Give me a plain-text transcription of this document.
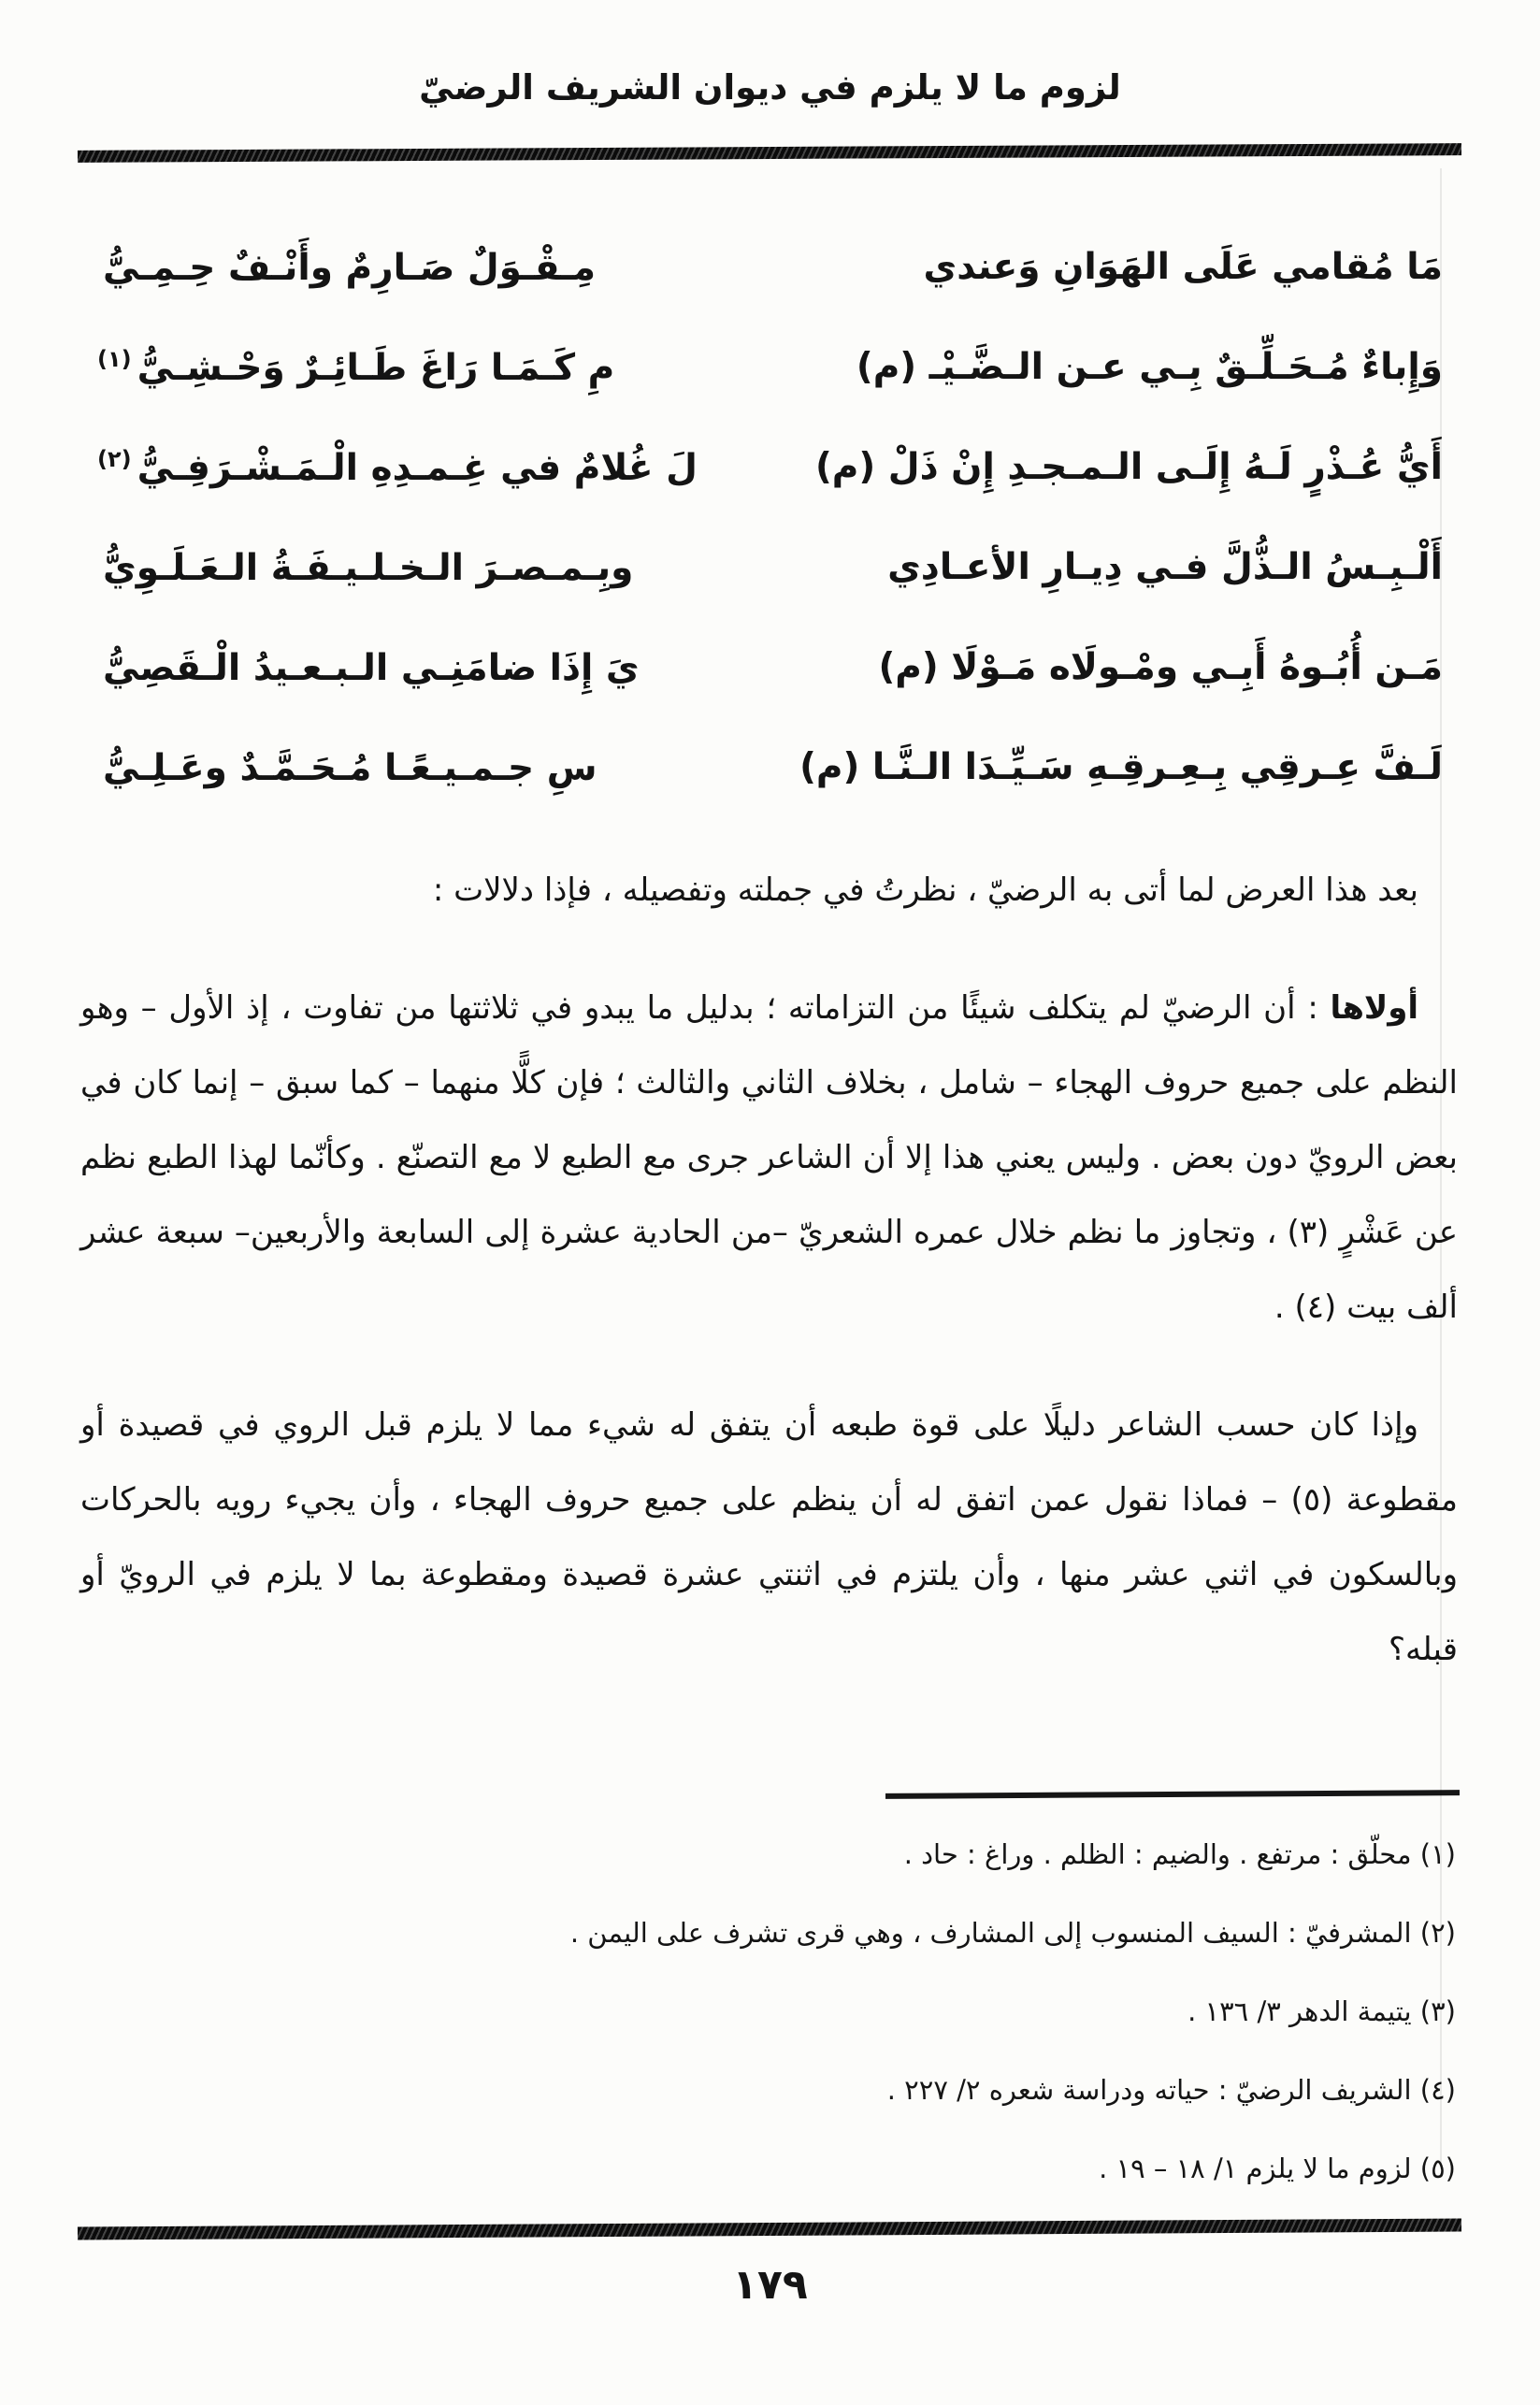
لزوم ما لا يلزم في ديوان الشريف الرضيّ
مَا مُقامي عَلَى الهَوَانِ وَعندي
مِـقْـوَلٌ صَـارِمٌ وأَنْـفٌ حِـمِـيُّ
وَإِباءٌ مُـحَـلِّـقٌ بِـي عـن الـضَّـيْـ (م)
مِ كَـمَـا رَاغَ طَـائِـرٌ وَحْـشِـيُّ$^{(١)}$
أَيُّ عُـذْرٍ لَـهُ إِلَـى الـمـجـدِ إِنْ ذَلْ (م)
لَ غُلامٌ في غِـمـدِهِ الْـمَـشْـرَفِـيُّ$^{(٢)}$
أَلْـبِـسُ الـذُّلَّ فـي دِيـارِ الأعـادِي
وبِـمـصـرَ الـخـلـيـفَـةُ الـعَـلَـوِيُّ
مَـن أُبُـوهُ أَبِـي ومْـولَاه مَـوْلَا (م)
يَ إِذَا ضامَنِـي الـبـعـيدُ الْـقَصِيُّ
لَـفَّ عِـرقِي بِـعِـرقِـهِ سَـيِّـدَا الـنَّـا (م)
سِ جـمـيـعًـا مُـحَـمَّـدٌ وعَـلِـيُّ

بعد هذا العرض لما أتى به الرضيّ ، نظرتُ في جملته وتفصيله ، فإذا دلالات :

أولاها : أن الرضيّ لم يتكلف شيئًا من التزاماته ؛ بدليل ما يبدو في ثلاثتها من تفاوت ، إذ الأول – وهو النظم على جميع حروف الهجاء – شامل ، بخلاف الثاني والثالث ؛ فإن كلًّا منهما – كما سبق – إنما كان في بعض الرويّ دون بعض . وليس يعني هذا إلا أن الشاعر جرى مع الطبع لا مع التصنّع . وكأنّما لهذا الطبع نظم عن عَشْرٍ (٣) ، وتجاوز ما نظم خلال عمره الشعريّ –من الحادية عشرة إلى السابعة والأربعين– سبعة عشر ألف بيت (٤) .

وإذا كان حسب الشاعر دليلًا على قوة طبعه أن يتفق له شيء مما لا يلزم قبل الروي في قصيدة أو مقطوعة (٥) – فماذا نقول عمن اتفق له أن ينظم على جميع حروف الهجاء ، وأن يجيء رويه بالحركات وبالسكون في اثني عشر منها ، وأن يلتزم في اثنتي عشرة قصيدة ومقطوعة بما لا يلزم في الرويّ أو قبله؟

(١) محلّق : مرتفع . والضيم : الظلم . وراغ : حاد .
(٢) المشرفيّ : السيف المنسوب إلى المشارف ، وهي قرى تشرف على اليمن .
(٣) يتيمة الدهر ٣/ ١٣٦ .
(٤) الشريف الرضيّ : حياته ودراسة شعره ٢/ ٢٢٧ .
(٥) لزوم ما لا يلزم ١/ ١٨ – ١٩ .
١٧٩
